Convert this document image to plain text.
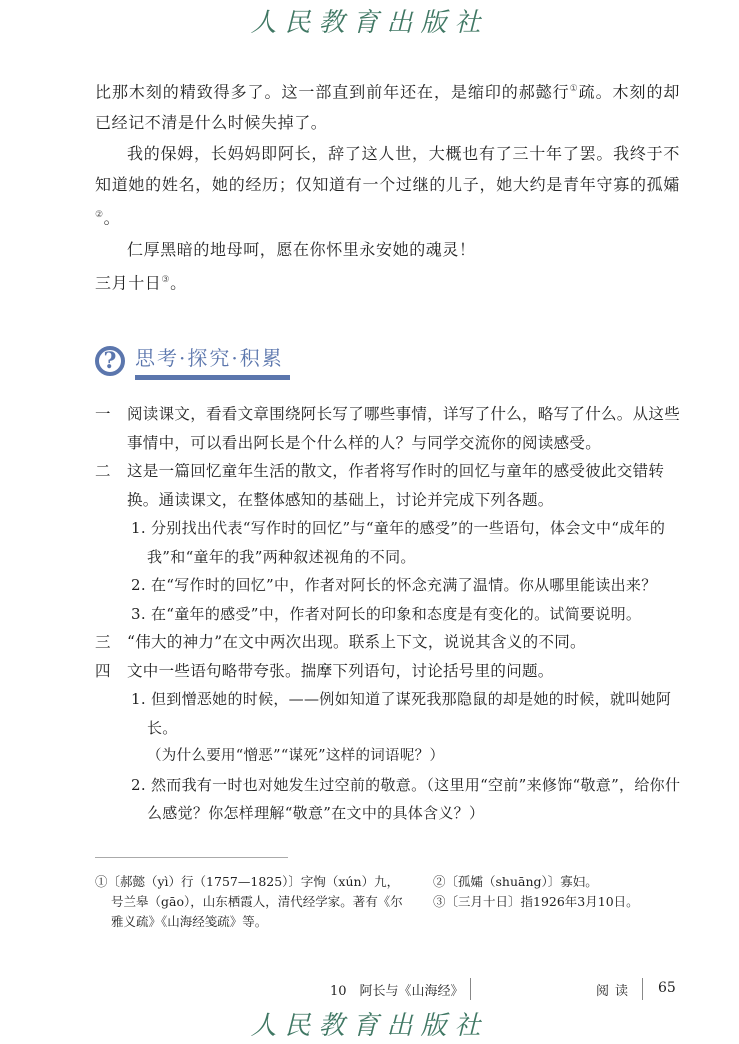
人民教育出版社

比那木刻的精致得多了。这一部直到前年还在，是缩印的郝懿行①疏。木刻的却已经记不清是什么时候失掉了。

我的保姆，长妈妈即阿长，辞了这人世，大概也有了三十年了罢。我终于不知道她的姓名，她的经历；仅知道有一个过继的儿子，她大约是青年守寡的孤孀②。

仁厚黑暗的地母呵，愿在你怀里永安她的魂灵！

三月十日③。

? 思考·探究·积累
一	阅读课文，看看文章围绕阿长写了哪些事情，详写了什么，略写了什么。从这些事情中，可以看出阿长是个什么样的人？与同学交流你的阅读感受。
二	这是一篇回忆童年生活的散文，作者将写作时的回忆与童年的感受彼此交错转换。通读课文，在整体感知的基础上，讨论并完成下列各题。
1. 分别找出代表“写作时的回忆”与“童年的感受”的一些语句，体会文中“成年的我”和“童年的我”两种叙述视角的不同。
2. 在“写作时的回忆”中，作者对阿长的怀念充满了温情。你从哪里能读出来？
3. 在“童年的感受”中，作者对阿长的印象和态度是有变化的。试简要说明。
三	“伟大的神力”在文中两次出现。联系上下文，说说其含义的不同。
四	文中一些语句略带夸张。揣摩下列语句，讨论括号里的问题。
1. 但到憎恶她的时候，——例如知道了谋死我那隐鼠的却是她的时候，就叫她阿长。
（为什么要用“憎恶”“谋死”这样的词语呢？）
2. 然而我有一时也对她发生过空前的敬意。（这里用“空前”来修饰“敬意”，给你什么感觉？你怎样理解“敬意”在文中的具体含义？）
①〔郝懿（yì）行（1757—1825）〕字恂（xún）九，号兰皋（gāo），山东栖霞人，清代经学家。著有《尔雅义疏》《山海经笺疏》等。
②〔孤孀（shuāng）〕寡妇。
③〔三月十日〕指1926年3月10日。
10　阿长与《山海经》	阅读 65
人民教育出版社
